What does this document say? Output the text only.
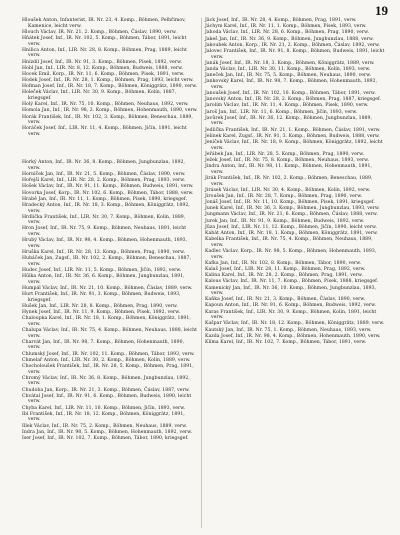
19

Hloušek Anton, Infanterist, IR. Nr. 23, 4. Komp., Böhmen, Pelhřimov, Kamenice, leicht verw.

Hlouch Václav, IR. Nr. 21, 2. Komp., Böhmen, Čáslav, 1890, verw.

Hňátek Josef, Inf., IR. Nr. 102, 5. Komp., Böhmen, Tábor, 1891, leicht verw.

Hnilica Anton, Inf., LIR. Nr. 28, 8. Komp., Böhmen, Prag, 1889, leicht verw.

Hnízdil Josef, Inf., IR. Nr. 91, 3. Komp., Böhmen, Písek, 1892, verw.

Hobl Jan, Inf., LIR. Nr. 8, 12. Komp., Böhmen, Budweis, 1888, verw.

Hocek Emil, Korp., IR. Nr. 11, 6. Komp., Böhmen, Pisek, 1891, verw.

Hodek Josef, Inf., IR. Nr. 28, 1. Komp., Böhmen, Prag, 1893, leicht verw.

Hofman Josef, Inf., IR. Nr. 18, 7. Komp., Böhmen, Königgrätz, 1890, verw.

Holeček Václav, Inf., LIR. Nr. 30, 9. Komp., Böhmen, Kolín, 1887, kriegsgef.

Holý Karel, Inf., IR. Nr. 75, 10. Komp., Böhmen, Neuhaus, 1892, verw.

Homola Jan, Inf., IR. Nr. 98, 2. Komp., Böhmen, Hohenmauth, 1890, verw.

Horák František, Inf., IR. Nr. 102, 3. Komp., Böhmen, Beneschau, 1889, verw.

Horáček Josef, Inf., LIR. Nr. 11, 4. Komp., Böhmen, Jičín, 1891, leicht verw.

Horký Anton, Inf., IR. Nr. 36, 8. Komp., Böhmen, Jungbunzlau, 1892, verw.

Horníček Jan, Inf., IR. Nr. 21, 5. Komp., Böhmen, Čáslav, 1890, verw.

Hořejší Karel, Inf., LIR. Nr. 28, 2. Komp., Böhmen, Prag, 1893, verw.

Hošek Václav, Inf., IR. Nr. 91, 11. Komp., Böhmen, Budweis, 1891, verw.

Hovorka Josef, Korp., IR. Nr. 102, 6. Komp., Böhmen, Tábor, 1888, verw.

Hrabě Jan, Inf., IR. Nr. 11, 1. Komp., Böhmen, Písek, 1890, kriegsgef.

Hradecký Anton, Inf., IR. Nr. 18, 3. Komp., Böhmen, Königgrätz, 1892, verw.

Hrdlička František, Inf., LIR. Nr. 30, 7. Komp., Böhmen, Kolín, 1889, verw.

Hron Josef, Inf., IR. Nr. 75, 9. Komp., Böhmen, Neuhaus, 1891, leicht verw.

Hrubý Václav, Inf., IR. Nr. 98, 4. Komp., Böhmen, Hohenmauth, 1893, verw.

Hruška Karel, Inf., IR. Nr. 28, 12. Komp., Böhmen, Prag, 1890, verw.

Hubáček Jan, Zugsf., IR. Nr. 102, 2. Komp., Böhmen, Beneschau, 1887, verw.

Hudec Josef, Inf., LIR. Nr. 11, 5. Komp., Böhmen, Jičín, 1892, verw.

Hűlka Anton, Inf., IR. Nr. 36, 6. Komp., Böhmen, Jungbunzlau, 1891, verw.

Humpál Václav, Inf., IR. Nr. 21, 10. Komp., Böhmen, Čáslav, 1889, verw.

Hurt František, Inf., IR. Nr. 91, 3. Komp., Böhmen, Budweis, 1893, kriegsgef.

Hušek Jan, Inf., LIR. Nr. 28, 8. Komp., Böhmen, Prag, 1890, verw.

Hynek Josef, Inf., IR. Nr. 11, 9. Komp., Böhmen, Písek, 1892, verw.

Chaloupka Karel, Inf., IR. Nr. 18, 1. Komp., Böhmen, Königgrätz, 1891, verw.

Chalupa Václav, Inf., IR. Nr. 75, 4. Komp., Böhmen, Neuhaus, 1888, leicht verw.

Charvát Jan, Inf., IR. Nr. 98, 7. Komp., Böhmen, Hohenmauth, 1890, verw.

Chlumský Josef, Inf., IR. Nr. 102, 11. Komp., Böhmen, Tábor, 1893, verw.

Chmelař Anton, Inf., LIR. Nr. 30, 2. Komp., Böhmen, Kolín, 1889, verw.

Chocholoušek František, Inf., IR. Nr. 28, 5. Komp., Böhmen, Prag, 1891, verw.

Chromý Václav, Inf., IR. Nr. 36, 8. Komp., Böhmen, Jungbunzlau, 1892, verw.

Chudoba Jan, Korp., IR. Nr. 21, 3. Komp., Böhmen, Čáslav, 1887, verw.

Chvátal Josef, Inf., IR. Nr. 91, 6. Komp., Böhmen, Budweis, 1890, leicht verw.

Chyba Karel, Inf., LIR. Nr. 11, 10. Komp., Böhmen, Jičín, 1893, verw.

Ibl František, Inf., IR. Nr. 18, 12. Komp., Böhmen, Königgrätz, 1891, verw.

Illek Václav, Inf., IR. Nr. 75, 2. Komp., Böhmen, Neuhaus, 1889, verw.

Indra Jan, Inf., IR. Nr. 98, 5. Komp., Böhmen, Hohenmauth, 1892, verw.

Iser Josef, Inf., IR. Nr. 102, 7. Komp., Böhmen, Tábor, 1890, kriegsgef.

Jäck Josef, Inf., IR. Nr. 28, 4. Komp., Böhmen, Prag, 1891, verw.

Jáchym Karel, Inf., IR. Nr. 11, 1. Komp., Böhmen, Písek, 1893, verw.

Jahoda Václav, Inf., LIR. Nr. 28, 6. Komp., Böhmen, Prag, 1890, verw.

Jakeš Jan, Inf., IR. Nr. 36, 9. Komp., Böhmen, Jungbunzlau, 1888, verw.

Jakoubek Anton, Korp., IR. Nr. 21, 2. Komp., Böhmen, Čáslav, 1892, verw.

Jalovec František, Inf., IR. Nr. 91, 8. Komp., Böhmen, Budweis, 1891, leicht verw.

Janák Josef, Inf., IR. Nr. 18, 3. Komp., Böhmen, Königgrätz, 1889, verw.

Janda Václav, Inf., LIR. Nr. 30, 11. Komp., Böhmen, Kolín, 1893, verw.

Janeček Jan, Inf., IR. Nr. 75, 5. Komp., Böhmen, Neuhaus, 1890, verw.

Jankovský Karel, Inf., IR. Nr. 98, 7. Komp., Böhmen, Hohenmauth, 1892, verw.

Janoušek Josef, Inf., IR. Nr. 102, 10. Komp., Böhmen, Tábor, 1891, verw.

Janovský Anton, Inf., IR. Nr. 28, 2. Komp., Böhmen, Prag, 1887, kriegsgef.

Jarolím Václav, Inf., IR. Nr. 11, 4. Komp., Böhmen, Písek, 1890, verw.

Jaroš Jan, Inf., LIR. Nr. 11, 6. Komp., Böhmen, Jičín, 1893, verw.

Javůrek Josef, Inf., IR. Nr. 36, 12. Komp., Böhmen, Jungbunzlau, 1889, verw.

Jedlička František, Inf., IR. Nr. 21, 1. Komp., Böhmen, Čáslav, 1891, verw.

Jelínek Karel, Zugsf., IR. Nr. 91, 3. Komp., Böhmen, Budweis, 1888, verw.

Jeníček Václav, Inf., IR. Nr. 18, 9. Komp., Böhmen, Königgrätz, 1892, leicht verw.

Jeřábek Jan, Inf., LIR. Nr. 28, 5. Komp., Böhmen, Prag, 1890, verw.

Ježek Josef, Inf., IR. Nr. 75, 8. Komp., Böhmen, Neuhaus, 1893, verw.

Jindra Anton, Inf., IR. Nr. 98, 11. Komp., Böhmen, Hohenmauth, 1891, verw.

Jirák František, Inf., IR. Nr. 102, 2. Komp., Böhmen, Beneschau, 1889, verw.

Jirásek Václav, Inf., LIR. Nr. 30, 4. Komp., Böhmen, Kolín, 1892, verw.

Jiroušek Jan, Inf., IR. Nr. 28, 7. Komp., Böhmen, Prag, 1890, verw.

Jonáš Josef, Inf., IR. Nr. 11, 10. Komp., Böhmen, Písek, 1891, kriegsgef.

Junek Karel, Inf., IR. Nr. 36, 3. Komp., Böhmen, Jungbunzlau, 1893, verw.

Jungmann Václav, Inf., IR. Nr. 21, 6. Komp., Böhmen, Čáslav, 1888, verw.

Jurek Jan, Inf., IR. Nr. 91, 9. Komp., Böhmen, Budweis, 1892, verw.

Jůza Josef, Inf., LIR. Nr. 11, 12. Komp., Böhmen, Jičín, 1890, leicht verw.

Kabát Anton, Inf., IR. Nr. 18, 1. Komp., Böhmen, Königgrätz, 1891, verw.

Kabelka František, Inf., IR. Nr. 75, 4. Komp., Böhmen, Neuhaus, 1889, verw.

Kadlec Václav, Korp., IR. Nr. 98, 5. Komp., Böhmen, Hohenmauth, 1893, verw.

Kafka Jan, Inf., IR. Nr. 102, 8. Komp., Böhmen, Tábor, 1890, verw.

Kalaš Josef, Inf., LIR. Nr. 28, 11. Komp., Böhmen, Prag, 1892, verw.

Kalina Karel, Inf., IR. Nr. 28, 2. Komp., Böhmen, Prag, 1891, verw.

Kalous Václav, Inf., IR. Nr. 11, 7. Komp., Böhmen, Písek, 1888, kriegsgef.

Kamenický Jan, Inf., IR. Nr. 36, 10. Komp., Böhmen, Jungbunzlau, 1893, verw.

Kaňka Josef, Inf., IR. Nr. 21, 3. Komp., Böhmen, Čáslav, 1890, verw.

Kapoun Anton, Inf., IR. Nr. 91, 6. Komp., Böhmen, Budweis, 1892, verw.

Karas František, Inf., LIR. Nr. 30, 9. Komp., Böhmen, Kolín, 1891, leicht verw.

Kašpar Václav, Inf., IR. Nr. 18, 12. Komp., Böhmen, Königgrätz, 1889, verw.

Kautský Jan, Inf., IR. Nr. 75, 1. Komp., Böhmen, Neuhaus, 1893, verw.

Kazda Josef, Inf., IR. Nr. 98, 4. Komp., Böhmen, Hohenmauth, 1890, verw.

Klíma Karel, Inf., IR. Nr. 102, 7. Komp., Böhmen, Tábor, 1891, verw.
